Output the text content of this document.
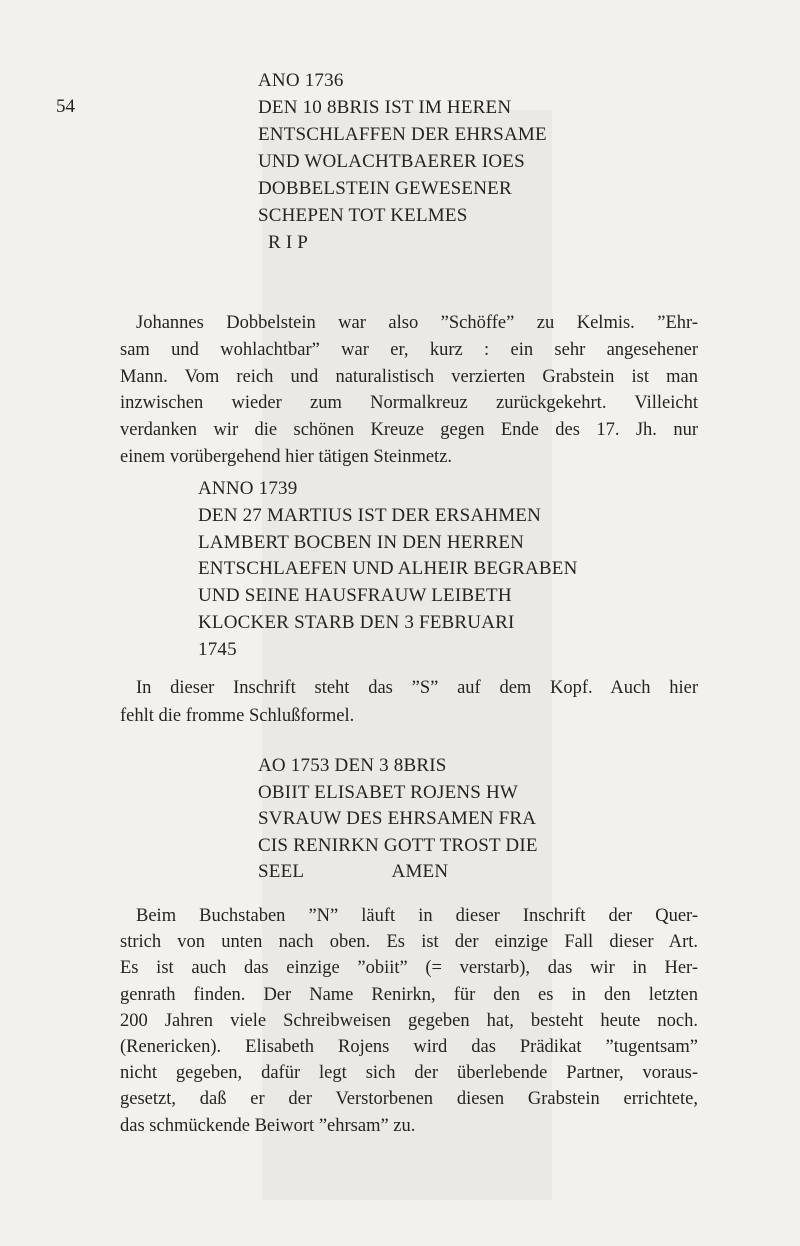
54
ANO 1736
DEN 10 8BRIS IST IM HEREN
ENTSCHLAFFEN DER EHRSAME
UND WOLACHTBAERER IOES
DOBBELSTEIN GEWESENER
SCHEPEN TOT KELMES
R I P
Johannes Dobbelstein war also ”Schöffe” zu Kelmis. ”Ehr-
sam und wohlachtbar” war er, kurz : ein sehr angesehener
Mann. Vom reich und naturalistisch verzierten Grabstein ist man
inzwischen wieder zum Normalkreuz zurückgekehrt. Villeicht
verdanken wir die schönen Kreuze gegen Ende des 17. Jh. nur
einem vorübergehend hier tätigen Steinmetz.
ANNO 1739
DEN 27 MARTIUS IST DER ERSAHMEN
LAMBERT BOCBEN IN DEN HERREN
ENTSCHLAEFEN UND ALHEIR BEGRABEN
UND SEINE HAUSFRAUW LEIBETH
KLOCKER STARB DEN 3 FEBRUARI
1745
In dieser Inschrift steht das ”S” auf dem Kopf. Auch hier
fehlt die fromme Schlußformel.
AO 1753 DEN 3 8BRIS
OBIIT ELISABET ROJENS HW
SVRAUW DES EHRSAMEN FRA
CIS RENIRKN GOTT TROST DIE
SEEL                  AMEN
Beim Buchstaben ”N” läuft in dieser Inschrift der Quer-
strich von unten nach oben. Es ist der einzige Fall dieser Art.
Es ist auch das einzige ”obiit” (= verstarb), das wir in Her-
genrath finden. Der Name Renirkn, für den es in den letzten
200 Jahren viele Schreibweisen gegeben hat, besteht heute noch.
(Renericken). Elisabeth Rojens wird das Prädikat ”tugentsam”
nicht gegeben, dafür legt sich der überlebende Partner, voraus-
gesetzt, daß er der Verstorbenen diesen Grabstein errichtete,
das schmückende Beiwort ”ehrsam” zu.
